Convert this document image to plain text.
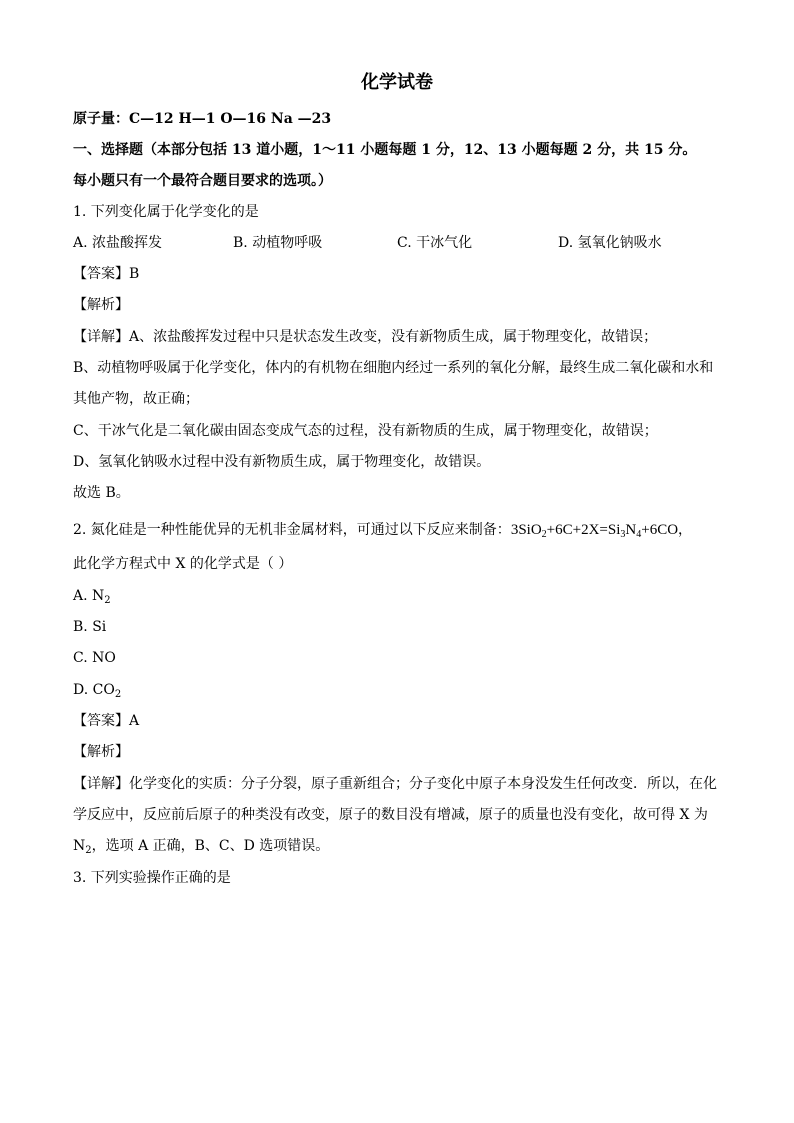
化学试卷
原子量：C—12 H—1 O—16 Na —23
一、选择题（本部分包括 13 道小题，1～11 小题每题 1 分，12、13 小题每题 2 分，共 15 分。
每小题只有一个最符合题目要求的选项。）
1. 下列变化属于化学变化的是
A. 浓盐酸挥发	B. 动植物呼吸	C. 干冰气化	D. 氢氧化钠吸水
【答案】B
【解析】
【详解】A、浓盐酸挥发过程中只是状态发生改变，没有新物质生成，属于物理变化，故错误；
B、动植物呼吸属于化学变化，体内的有机物在细胞内经过一系列的氧化分解，最终生成二氧化碳和水和
其他产物，故正确；
C、干冰气化是二氧化碳由固态变成气态的过程，没有新物质的生成，属于物理变化，故错误；
D、氢氧化钠吸水过程中没有新物质生成，属于物理变化，故错误。
故选 B。
2. 氮化硅是一种性能优异的无机非金属材料，可通过以下反应来制备：$3SiO_2+6C+2X=Si_3N_4+6CO$，
此化学方程式中 X 的化学式是（ ）
A. $N_2$
B. Si
C. NO
D. $CO_2$
【答案】A
【解析】
【详解】化学变化的实质：分子分裂，原子重新组合；分子变化中原子本身没发生任何改变．所以，在化
学反应中，反应前后原子的种类没有改变，原子的数目没有增减，原子的质量也没有变化，故可得 X 为
$N_2$，选项 A 正确，B、C、D 选项错误。
3. 下列实验操作正确的是
